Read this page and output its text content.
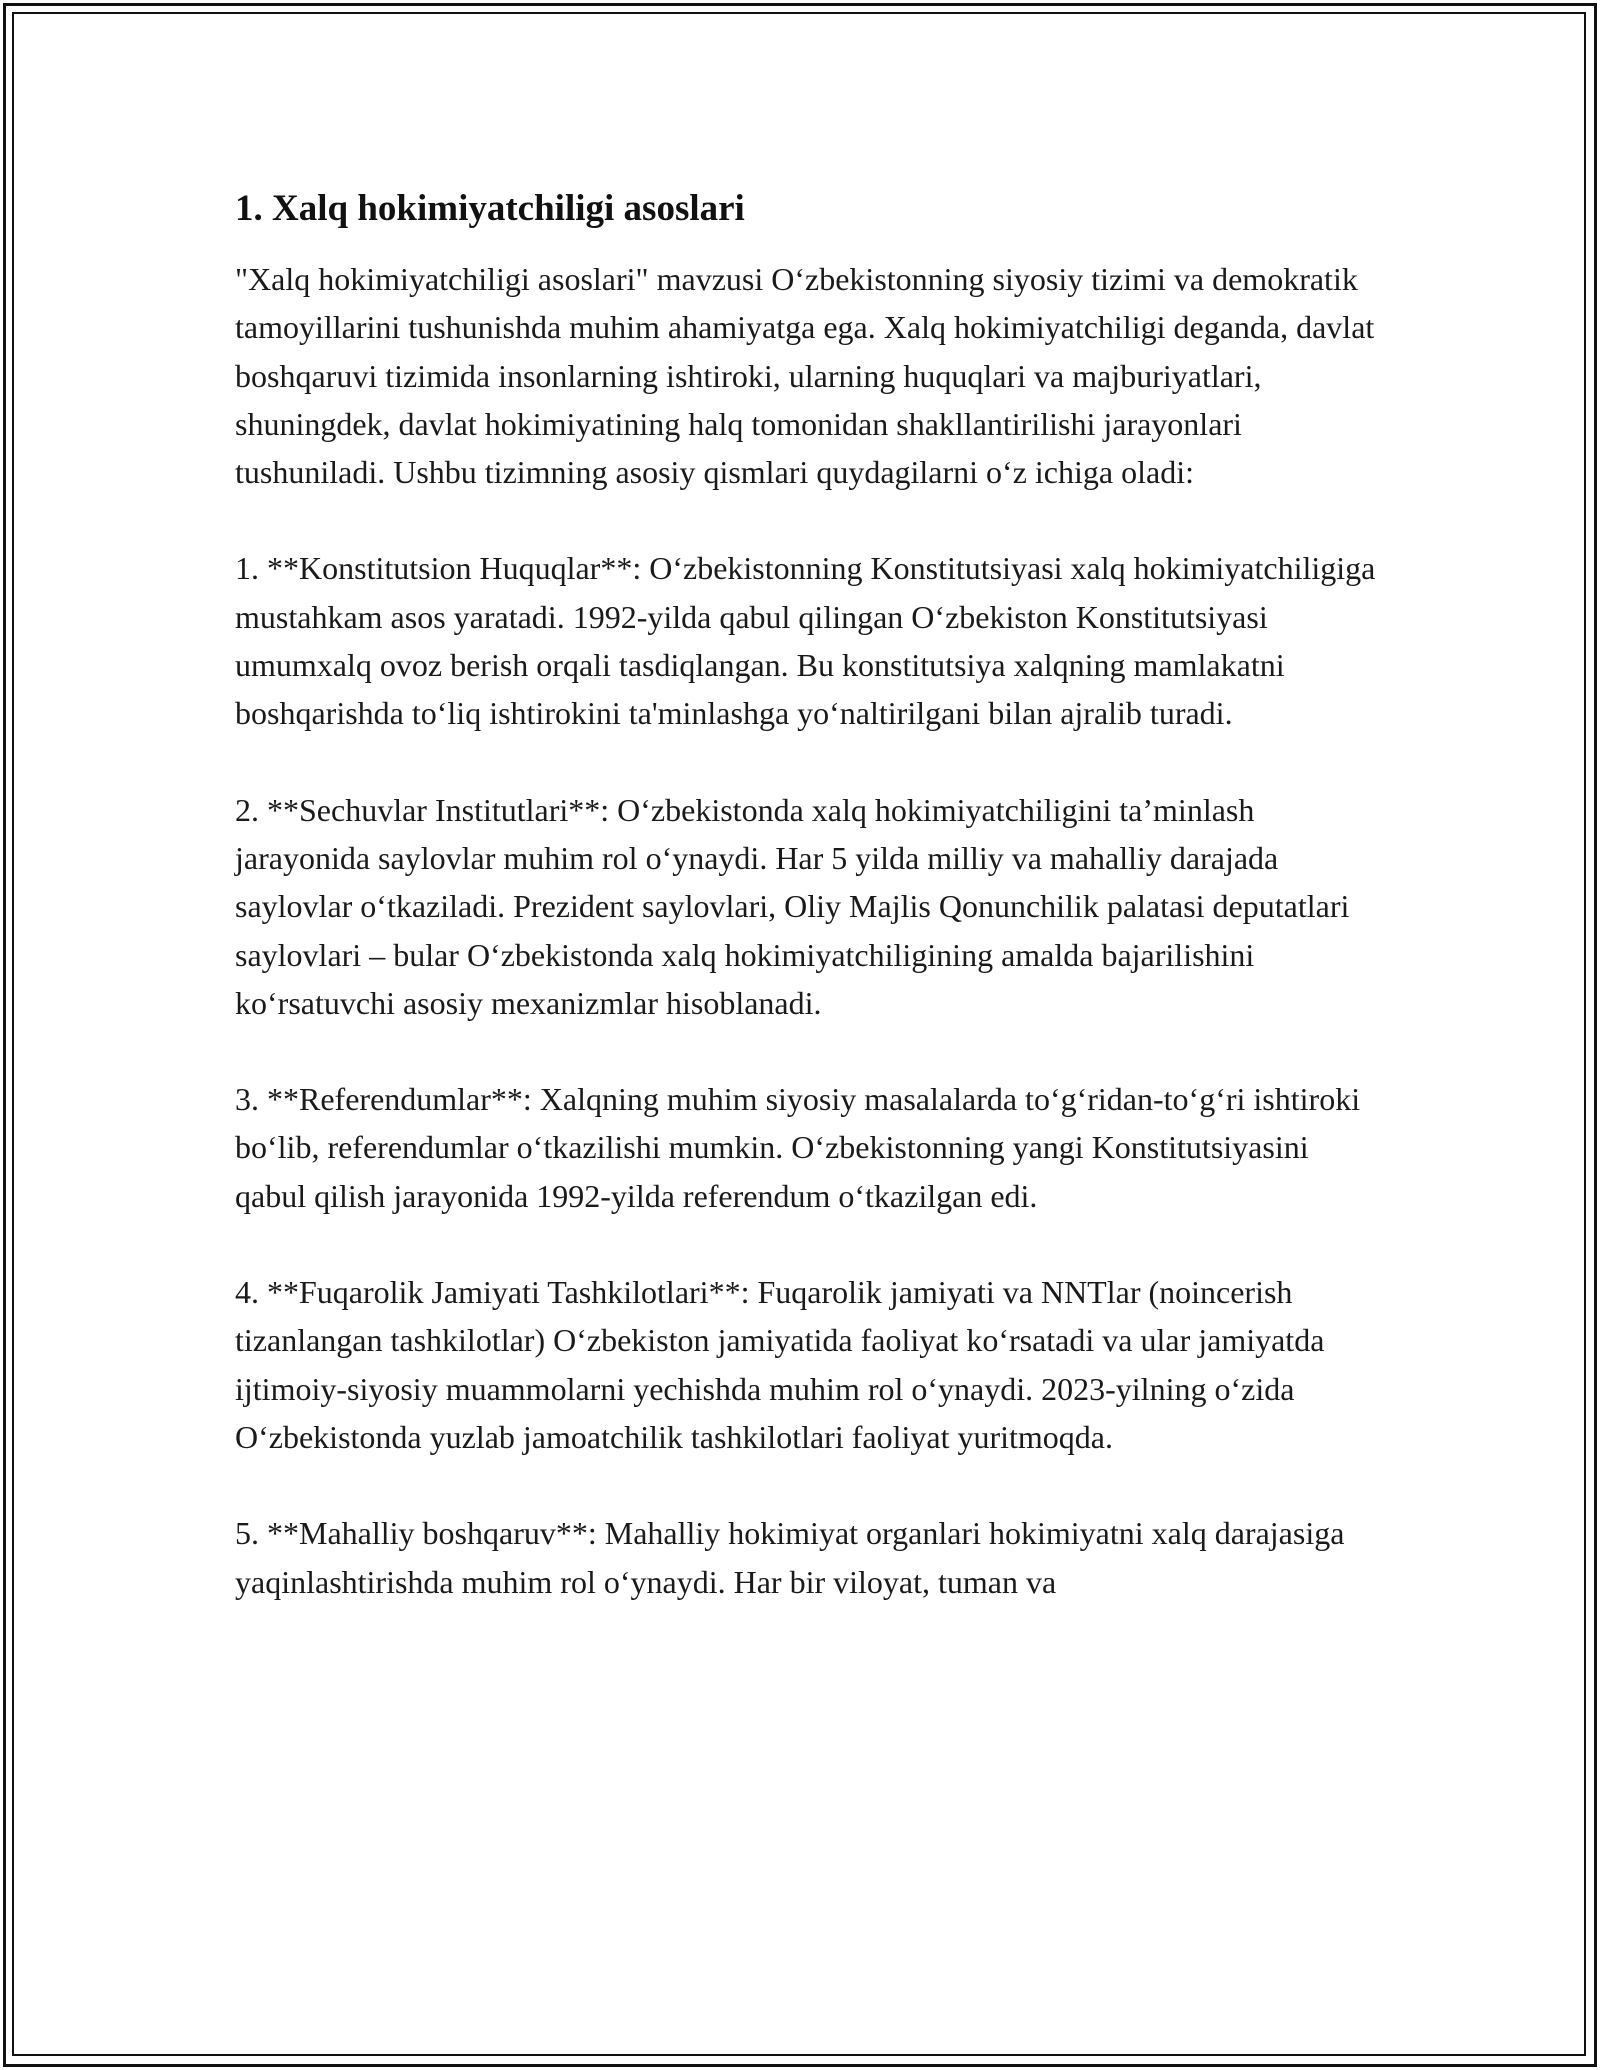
1. Xalq hokimiyatchiligi asoslari

"Xalq hokimiyatchiligi asoslari" mavzusi O‘zbekistonning siyosiy tizimi va demokratik tamoyillarini tushunishda muhim ahamiyatga ega. Xalq hokimiyatchiligi deganda, davlat boshqaruvi tizimida insonlarning ishtiroki, ularning huquqlari va majburiyatlari, shuningdek, davlat hokimiyatining halq tomonidan shakllantirilishi jarayonlari tushuniladi. Ushbu tizimning asosiy qismlari quydagilarni o‘z ichiga oladi:

1. **Konstitutsion Huquqlar**: O‘zbekistonning Konstitutsiyasi xalq hokimiyatchiligiga mustahkam asos yaratadi. 1992-yilda qabul qilingan O‘zbekiston Konstitutsiyasi umumxalq ovoz berish orqali tasdiqlangan. Bu konstitutsiya xalqning mamlakatni boshqarishda to‘liq ishtirokini ta'minlashga yo‘naltirilgani bilan ajralib turadi.

2. **Sechuvlar Institutlari**: O‘zbekistonda xalq hokimiyatchiligini ta’minlash jarayonida saylovlar muhim rol o‘ynaydi. Har 5 yilda milliy va mahalliy darajada saylovlar o‘tkaziladi. Prezident saylovlari, Oliy Majlis Qonunchilik palatasi deputatlari saylovlari – bular O‘zbekistonda xalq hokimiyatchiligining amalda bajarilishini ko‘rsatuvchi asosiy mexanizmlar hisoblanadi.

3. **Referendumlar**: Xalqning muhim siyosiy masalalarda to‘g‘ridan-to‘g‘ri ishtiroki bo‘lib, referendumlar o‘tkazilishi mumkin. O‘zbekistonning yangi Konstitutsiyasini qabul qilish jarayonida 1992-yilda referendum o‘tkazilgan edi.

4. **Fuqarolik Jamiyati Tashkilotlari**: Fuqarolik jamiyati va NNTlar (noincerish tizanlangan tashkilotlar) O‘zbekiston jamiyatida faoliyat ko‘rsatadi va ular jamiyatda ijtimoiy-siyosiy muammolarni yechishda muhim rol o‘ynaydi. 2023-yilning o‘zida O‘zbekistonda yuzlab jamoatchilik tashkilotlari faoliyat yuritmoqda.

5. **Mahalliy boshqaruv**: Mahalliy hokimiyat organlari hokimiyatni xalq darajasiga yaqinlashtirishda muhim rol o‘ynaydi. Har bir viloyat, tuman va
